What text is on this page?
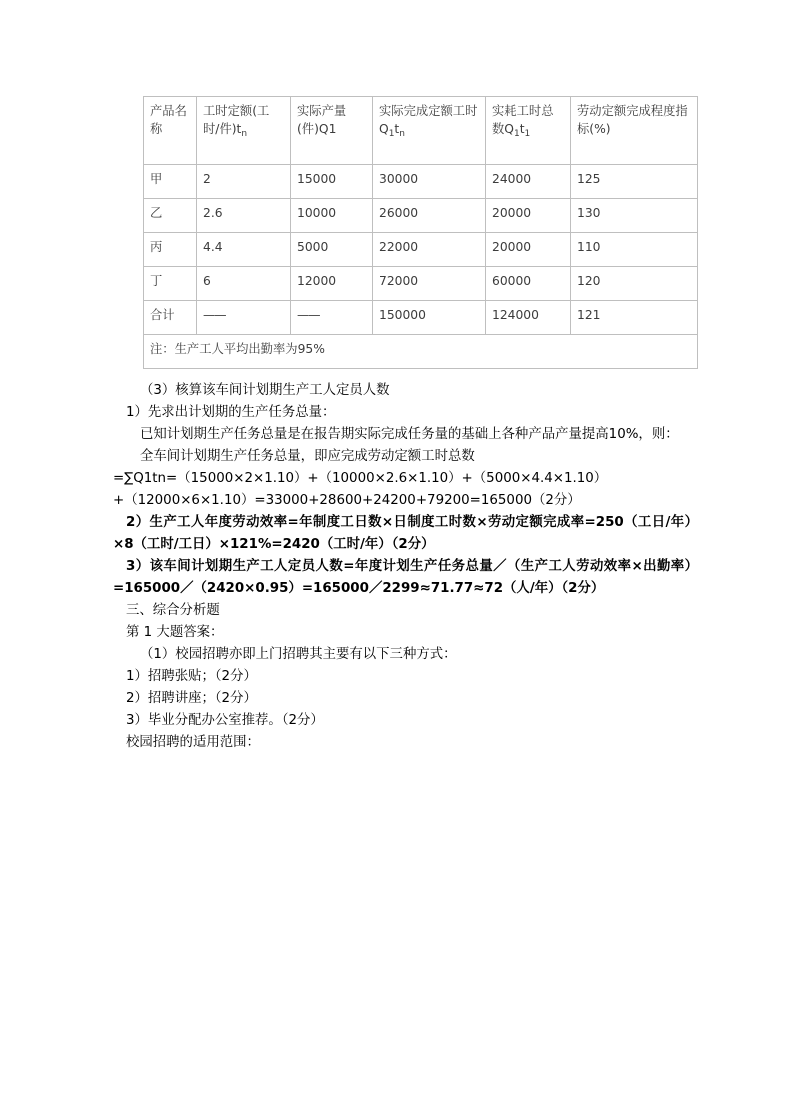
产品名称	工时定额(工时/件)$t_n$	实际产量(件)Q1	实际完成定额工时$Q_1t_n$	实耗工时总数$Q_1t_1$	劳动定额完成程度指标(%)
甲	2	15000	30000	24000	125
乙	2.6	10000	26000	20000	130
丙	4.4	5000	22000	20000	110
丁	6	12000	72000	60000	120
合计	——	——	150000	124000	121
注：生产工人平均出勤率为95%					

（3）核算该车间计划期生产工人定员人数

1）先求出计划期的生产任务总量：

已知计划期生产任务总量是在报告期实际完成任务量的基础上各种产品产量提高10%，则：

全车间计划期生产任务总量，即应完成劳动定额工时总数

=∑Q1tn=（15000×2×1.10）+（10000×2.6×1.10）+（5000×4.4×1.10）

+（12000×6×1.10）=33000+28600+24200+79200=165000（2分）

2）生产工人年度劳动效率=年制度工日数×日制度工时数×劳动定额完成率=250（工日/年）×8（工时/工日）×121%=2420（工时/年）（2分）

3）该车间计划期生产工人定员人数=年度计划生产任务总量／（生产工人劳动效率×出勤率）=165000／（2420×0.95）=165000／2299≈71.77≈72（人/年）（2分）

三、综合分析题

第 1 大题答案：

（1）校园招聘亦即上门招聘其主要有以下三种方式：

1）招聘张贴；（2分）

2）招聘讲座；（2分）

3）毕业分配办公室推荐。（2分）

校园招聘的适用范围：
